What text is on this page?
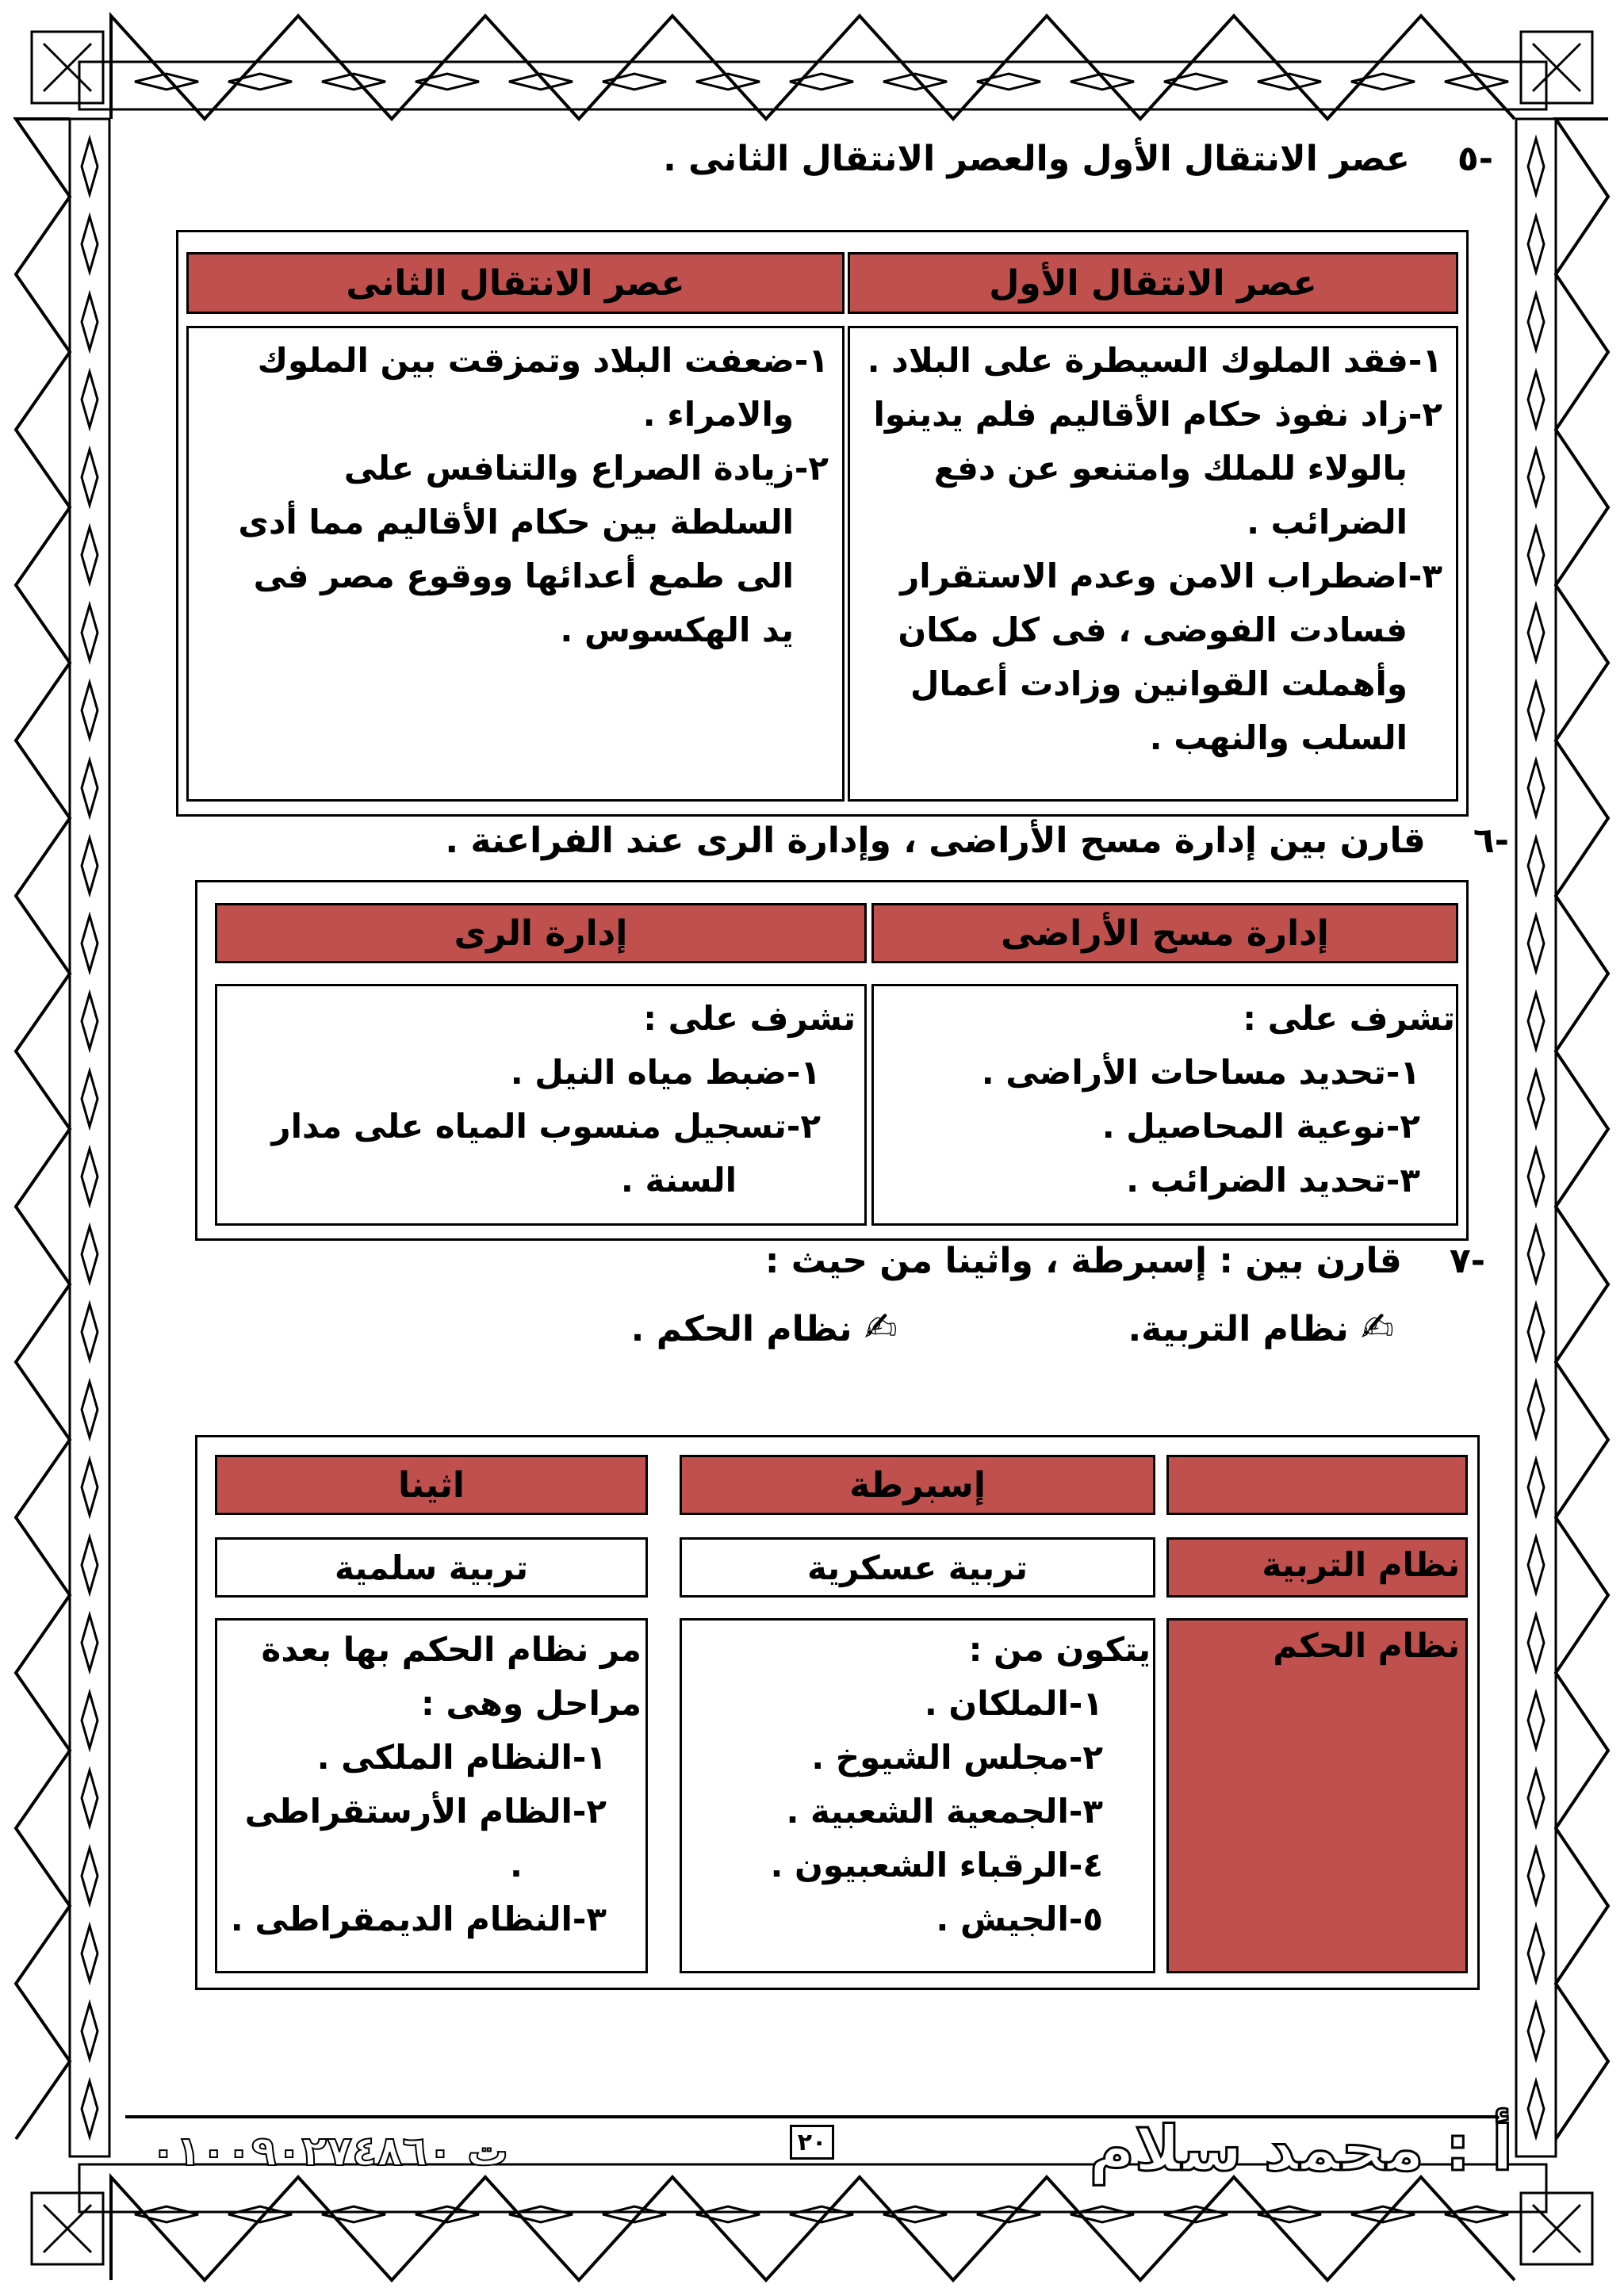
-٥عصر الانتقال الأول والعصر الانتقال الثانى .
عصر الانتقال الأول
عصر الانتقال الثانى
١-فقد الملوك السيطرة على البلاد .
٢-زاد نفوذ حكام الأقاليم فلم يدينوا
بالولاء للملك وامتنعو عن دفع
الضرائب .
٣-اضطراب الامن وعدم الاستقرار
فسادت الفوضى ، فى كل مكان
وأهملت القوانين وزادت أعمال
السلب والنهب .
١-ضعفت البلاد وتمزقت بين الملوك
والامراء .
٢-زيادة الصراع والتنافس على
السلطة بين حكام الأقاليم مما أدى
الى طمع أعدائها ووقوع مصر فى
يد الهكسوس .
-٦قارن بين إدارة مسح الأراضى ، وإدارة الرى عند الفراعنة .
إدارة مسح الأراضى
إدارة الرى
تشرف على :
١-تحديد مساحات الأراضى .
٢-نوعية المحاصيل .
٣-تحديد الضرائب .
تشرف على :
١-ضبط مياه النيل .
٢-تسجيل منسوب المياه على مدار
السنة .
-٧قارن بين : إسبرطة ، واثينا من حيث :
✍ نظام التربية.  ✍ نظام الحكم .
إسبرطة
اثينا
نظام التربية
تربية عسكرية
تربية سلمية
نظام الحكم
يتكون من :
١-الملكان .
٢-مجلس الشيوخ .
٣-الجمعية الشعبية .
٤-الرقباء الشعبيون .
٥-الجيش .
مر نظام الحكم بها بعدة
مراحل وهى :
١-النظام الملكى .
٢-الظام الأرستقراطى
.
٣-النظام الديمقراطى .
٢٠	أ : محمد سلام
ت ٠١٠٠٩٠٢٧٤٨٦٠
